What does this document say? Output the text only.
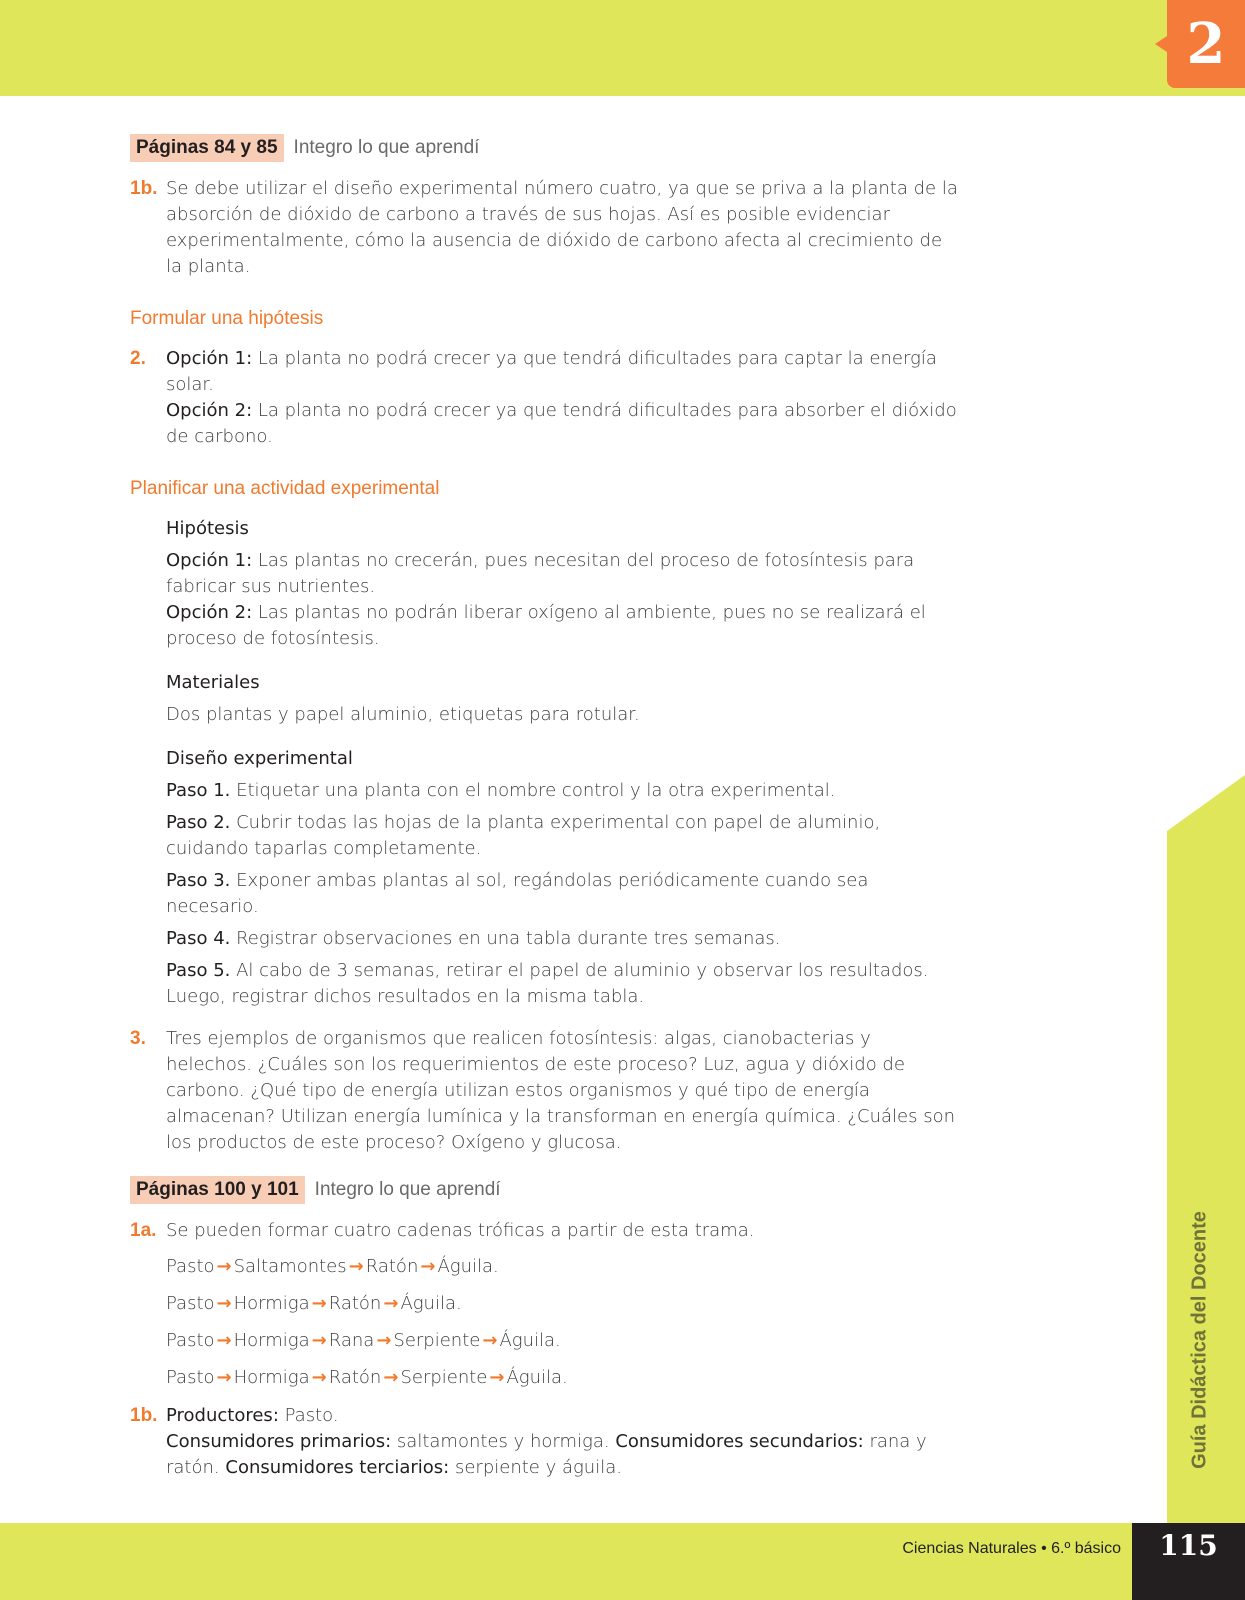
2
Guía Didáctica del Docente
Ciencias Naturales • 6.º básico	115
Páginas 84 y 85 Integro lo que aprendí
1b. Se debe utilizar el diseño experimental número cuatro, ya que se priva a la planta de la absorción de dióxido de carbono a través de sus hojas. Así es posible evidenciar experimentalmente, cómo la ausencia de dióxido de carbono afecta al crecimiento de la planta.

Formular una hipótesis
2.	Opción 1: La planta no podrá crecer ya que tendrá dificultades para captar la energía solar.

Opción 2: La planta no podrá crecer ya que tendrá dificultades para absorber el dióxido de carbono.

Planificar una actividad experimental
Hipótesis

Opción 1: Las plantas no crecerán, pues necesitan del proceso de fotosíntesis para fabricar sus nutrientes.

Opción 2: Las plantas no podrán liberar oxígeno al ambiente, pues no se realizará el proceso de fotosíntesis.

Materiales

Dos plantas y papel aluminio, etiquetas para rotular.

Diseño experimental

Paso 1. Etiquetar una planta con el nombre control y la otra experimental.

Paso 2. Cubrir todas las hojas de la planta experimental con papel de aluminio, cuidando taparlas completamente.

Paso 3. Exponer ambas plantas al sol, regándolas periódicamente cuando sea necesario.

Paso 4. Registrar observaciones en una tabla durante tres semanas.

Paso 5. Al cabo de 3 semanas, retirar el papel de aluminio y observar los resultados. Luego, registrar dichos resultados en la misma tabla.

3.	Tres ejemplos de organismos que realicen fotosíntesis: algas, cianobacterias y helechos. ¿Cuáles son los requerimientos de este proceso? Luz, agua y dióxido de carbono. ¿Qué tipo de energía utilizan estos organismos y qué tipo de energía almacenan? Utilizan energía lumínica y la transforman en energía química. ¿Cuáles son los productos de este proceso? Oxígeno y glucosa.

Páginas 100 y 101 Integro lo que aprendí
1a. Se pueden formar cuatro cadenas tróficas a partir de esta trama.

Pasto → Saltamontes → Ratón → Águila.
Pasto → Hormiga → Ratón → Águila.
Pasto → Hormiga → Rana → Serpiente → Águila.
Pasto → Hormiga → Ratón → Serpiente → Águila.
1b. Productores: Pasto.

Consumidores primarios: saltamontes y hormiga. Consumidores secundarios: rana y ratón. Consumidores terciarios: serpiente y águila.
